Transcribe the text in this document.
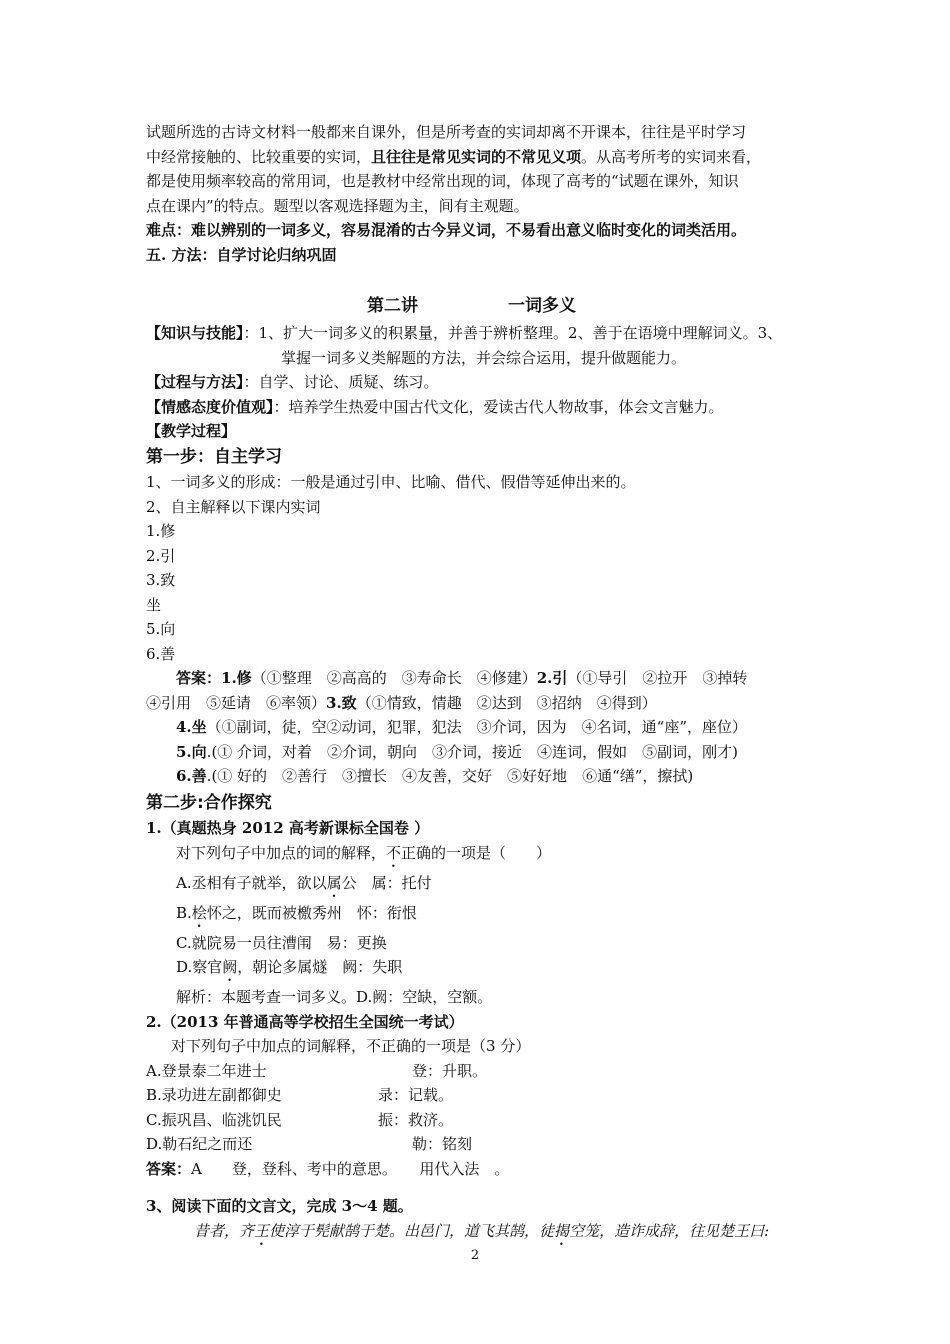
试题所选的古诗文材料一般都来自课外，但是所考查的实词却离不开课本，往往是平时学习

中经常接触的、比较重要的实词，且往往是常见实词的不常见义项。从高考所考的实词来看，

都是使用频率较高的常用词，也是教材中经常出现的词，体现了高考的“试题在课外，知识

点在课内”的特点。题型以客观选择题为主，间有主观题。

难点：难以辨别的一词多义，容易混淆的古今异义词，不易看出意义临时变化的词类活用。

五. 方法：自学讨论归纳巩固

第二讲	一词多义

【知识与技能】：1、扩大一词多义的积累量，并善于辨析整理。2、善于在语境中理解词义。3、

掌握一词多义类解题的方法，并会综合运用，提升做题能力。

【过程与方法】：自学、讨论、质疑、练习。

【情感态度价值观】：培养学生热爱中国古代文化，爱读古代人物故事，体会文言魅力。

【教学过程】

第一步：自主学习

1、一词多义的形成：一般是通过引申、比喻、借代、假借等延伸出来的。

2、自主解释以下课内实词

1.修

2.引

3.致

坐

5.向

6.善

答案：1.修（①整理　②高高的　③寿命长　④修建）2.引（①导引　②拉开　③掉转

④引用　⑤延请　⑥率领）3.致（①情致，情趣　②达到　③招纳　④得到）

4.坐（①副词，徒，空②动词，犯罪，犯法　③介词，因为　④名词，通“座”，座位）

5.向.(① 介词，对着　②介词，朝向　③介词，接近　④连词，假如　⑤副词，刚才)

6.善.(① 好的　②善行　③擅长　④友善，交好　⑤好好地　⑥通“缮”，擦拭)

第二步:合作探究

1.（真题热身 2012 高考新课标全国卷 ）

对下列句子中加点的词的解释，不正确的一项是（　　）

A.丞相有子就举，欲以属公　属：托付

B.桧怀之，既而被檄秀州　怀：衔恨

C.就院易一员往漕闱　易：更换

D.察官阙，朝论多属燧　阙：失职

解析：本题考查一词多义。D.阙：空缺，空额。

2.（2013 年普通高等学校招生全国统一考试）

对下列句子中加点的词解释，不正确的一项是（3 分）

A.登景泰二年进士	登：升职。

B.录功进左副都御史	录：记载。

C.振巩昌、临洮饥民	振：救济。

D.勒石纪之而还	勒：铭刻

答案：A　　登，登科、考中的意思。　　用代入法　。

3、阅读下面的文言文，完成 3～4 题。

昔者，齐王使淳于髡献鹄于楚。出邑门，道飞其鹄，徒揭空笼，造诈成辞，往见楚王曰:

2
